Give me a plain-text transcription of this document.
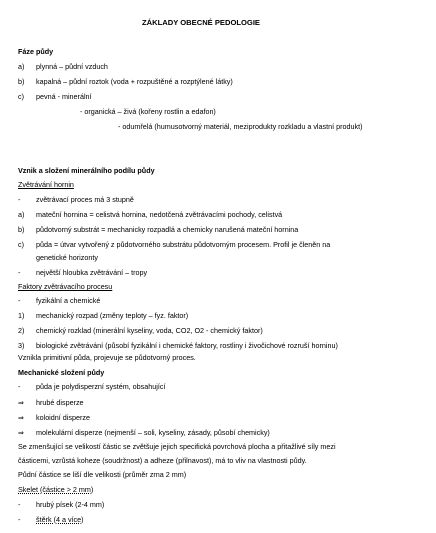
ZÁKLADY OBECNÉ PEDOLOGIE
Fáze půdy
a) plynná – půdní vzduch
b) kapalná – půdní roztok (voda + rozpuštěné a rozptýlené látky)
c) pevná - minerální
- organická – živá (kořeny rostlin a edafon)
- odumřelá (humusotvorný materiál, meziprodukty rozkladu a vlastní produkt)
Vznik a složení minerálního podílu půdy
Zvětrávání hornin
- zvětrávací proces má 3 stupně
a) mateční hornina = celistvá hornina, nedotčená zvětrávacími pochody, celistvá
b) půdotvorný substrát = mechanicky rozpadlá a chemicky narušená mateční hornina
c) půda = útvar vytvořený z půdotvorného substrátu půdotvorným procesem. Profil je členěn na
genetické horizonty
- největší hloubka zvětrávání – tropy
Faktory zvětrávacího procesu
- fyzikální a chemické
1) mechanický rozpad (změny teploty – fyz. faktor)
2) chemický rozklad (minerální kyseliny, voda, CO2, O2 - chemický faktor)
3) biologické zvětrávání (působí fyzikální i chemické faktory, rostliny i živočichové rozruší horninu)
Vznikla primitivní půda, projevuje se půdotvorný proces.
Mechanické složení půdy
- půda je polydisperzní systém, obsahující
⇒ hrubé disperze
⇒ koloidní disperze
⇒ molekulární disperze (nejmenší – soli, kyseliny, zásady, působí chemicky)
Se zmenšující se velikostí částic se zvětšuje jejich specifická povrchová plocha a přitažlivé síly mezi
částicemi, vzrůstá koheze (soudržnost) a adheze (přilnavost), má to vliv na vlastnosti půdy.
Půdní částice se liší dle velikosti (průměr zrna 2 mm)
Skelet (částice > 2 mm)
- hrubý písek (2-4 mm)
- štěrk (4 a více)
